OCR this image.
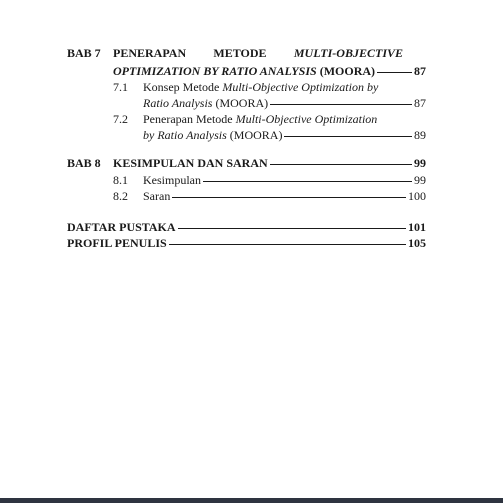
BAB 7	PENERAPAN METODE MULTI-OBJECTIVE
OPTIMIZATION BY RATIO ANALYSIS
(MOORA)	87
7.1	Konsep Metode Multi-Objective Optimization by
Ratio Analysis (MOORA)	87
7.2	Penerapan Metode Multi-Objective Optimization
by Ratio Analysis (MOORA)	89
BAB 8	KESIMPULAN DAN SARAN	99
8.1	Kesimpulan	99
8.2	Saran	100
DAFTAR PUSTAKA	101
PROFIL PENULIS	105
